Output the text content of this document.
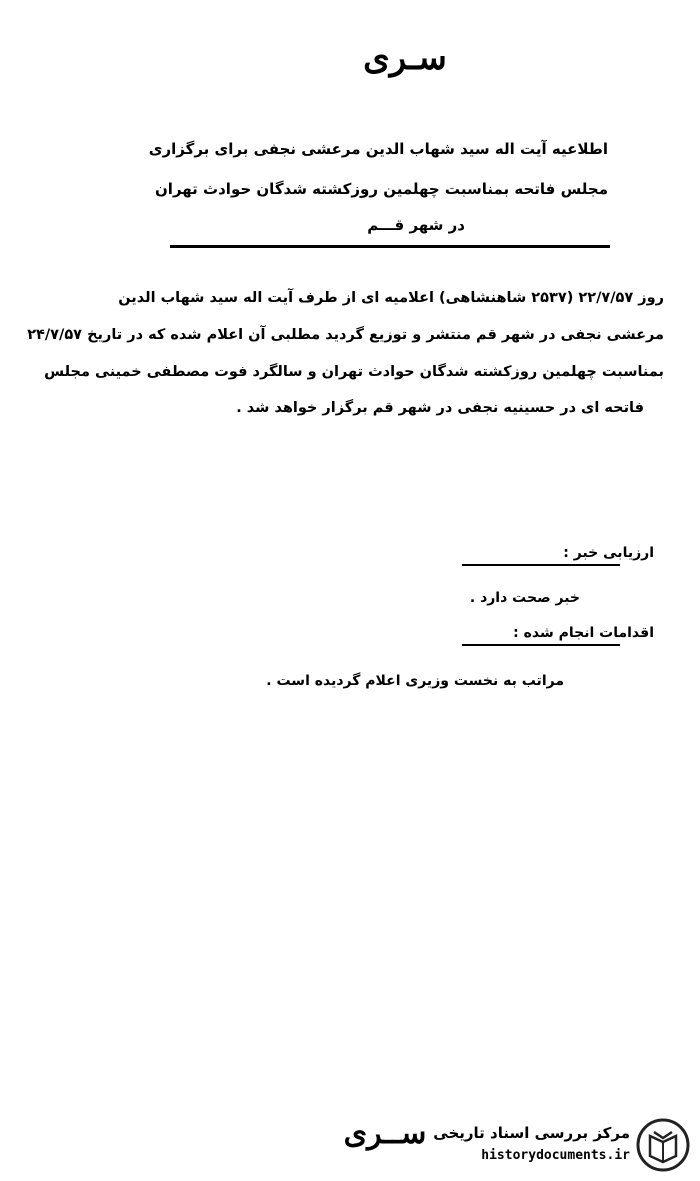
سـری
اطلاعیه آیت اله سید شهاب الدین مرعشی نجفی برای برگزاری
مجلس فاتحه بمناسبت چهلمین روزکشته شدگان حوادث تهران
در شهر قـــم
روز ۲۲/۷/۵۷ (۲۵۳۷ شاهنشاهی) اعلامیه ای از طرف آیت اله سید شهاب الدین
مرعشی نجفی در شهر قم منتشر و توزیع گردید مطلبی آن اعلام شده که در تاریخ ۲۴/۷/۵۷
بمناسبت چهلمین روزکشته شدگان حوادث تهران و سالگرد فوت مصطفی خمینی مجلس
فاتحه ای در حسینیه نجفی در شهر قم برگزار خواهد شد .
ارزیابی خبر :
خبر صحت دارد .
اقدامات انجام شده :
مراتب به نخست وزیری اعلام گردیده است .
ســری مرکز بررسی اسناد تاریخی
historydocuments.ir
